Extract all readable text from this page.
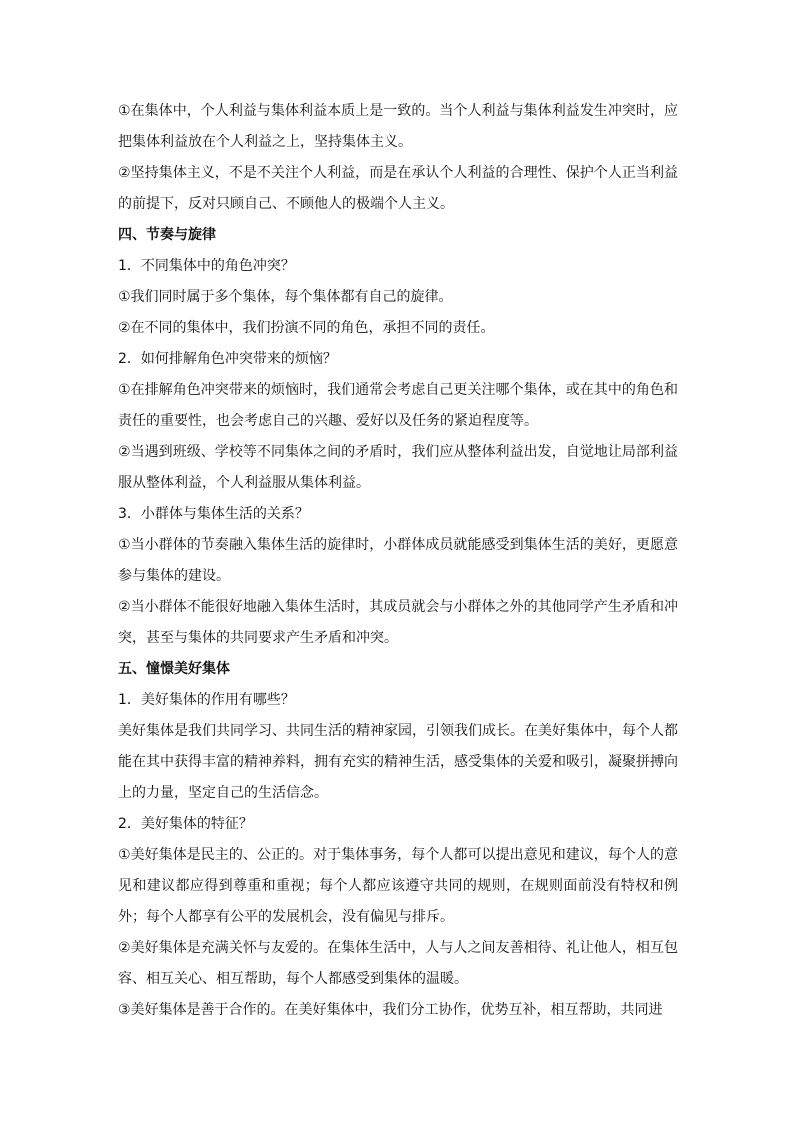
①在集体中，个人利益与集体利益本质上是一致的。当个人利益与集体利益发生冲突时，应把集体利益放在个人利益之上，坚持集体主义。

②坚持集体主义，不是不关注个人利益，而是在承认个人利益的合理性、保护个人正当利益的前提下，反对只顾自己、不顾他人的极端个人主义。

四、节奏与旋律

1．不同集体中的角色冲突？

①我们同时属于多个集体，每个集体都有自己的旋律。

②在不同的集体中，我们扮演不同的角色，承担不同的责任。

2．如何排解角色冲突带来的烦恼？

①在排解角色冲突带来的烦恼时，我们通常会考虑自己更关注哪个集体，或在其中的角色和责任的重要性，也会考虑自己的兴趣、爱好以及任务的紧迫程度等。

②当遇到班级、学校等不同集体之间的矛盾时，我们应从整体利益出发，自觉地让局部利益服从整体利益，个人利益服从集体利益。

3．小群体与集体生活的关系？

①当小群体的节奏融入集体生活的旋律时，小群体成员就能感受到集体生活的美好，更愿意参与集体的建设。

②当小群体不能很好地融入集体生活时，其成员就会与小群体之外的其他同学产生矛盾和冲突，甚至与集体的共同要求产生矛盾和冲突。

五、憧憬美好集体

1．美好集体的作用有哪些？

美好集体是我们共同学习、共同生活的精神家园，引领我们成长。在美好集体中，每个人都能在其中获得丰富的精神养料，拥有充实的精神生活，感受集体的关爱和吸引，凝聚拼搏向上的力量，坚定自己的生活信念。

2．美好集体的特征？

①美好集体是民主的、公正的。对于集体事务，每个人都可以提出意见和建议，每个人的意见和建议都应得到尊重和重视；每个人都应该遵守共同的规则，在规则面前没有特权和例外；每个人都享有公平的发展机会，没有偏见与排斥。

②美好集体是充满关怀与友爱的。在集体生活中，人与人之间友善相待、礼让他人，相互包容、相互关心、相互帮助，每个人都感受到集体的温暖。

③美好集体是善于合作的。在美好集体中，我们分工协作，优势互补，相互帮助，共同进
